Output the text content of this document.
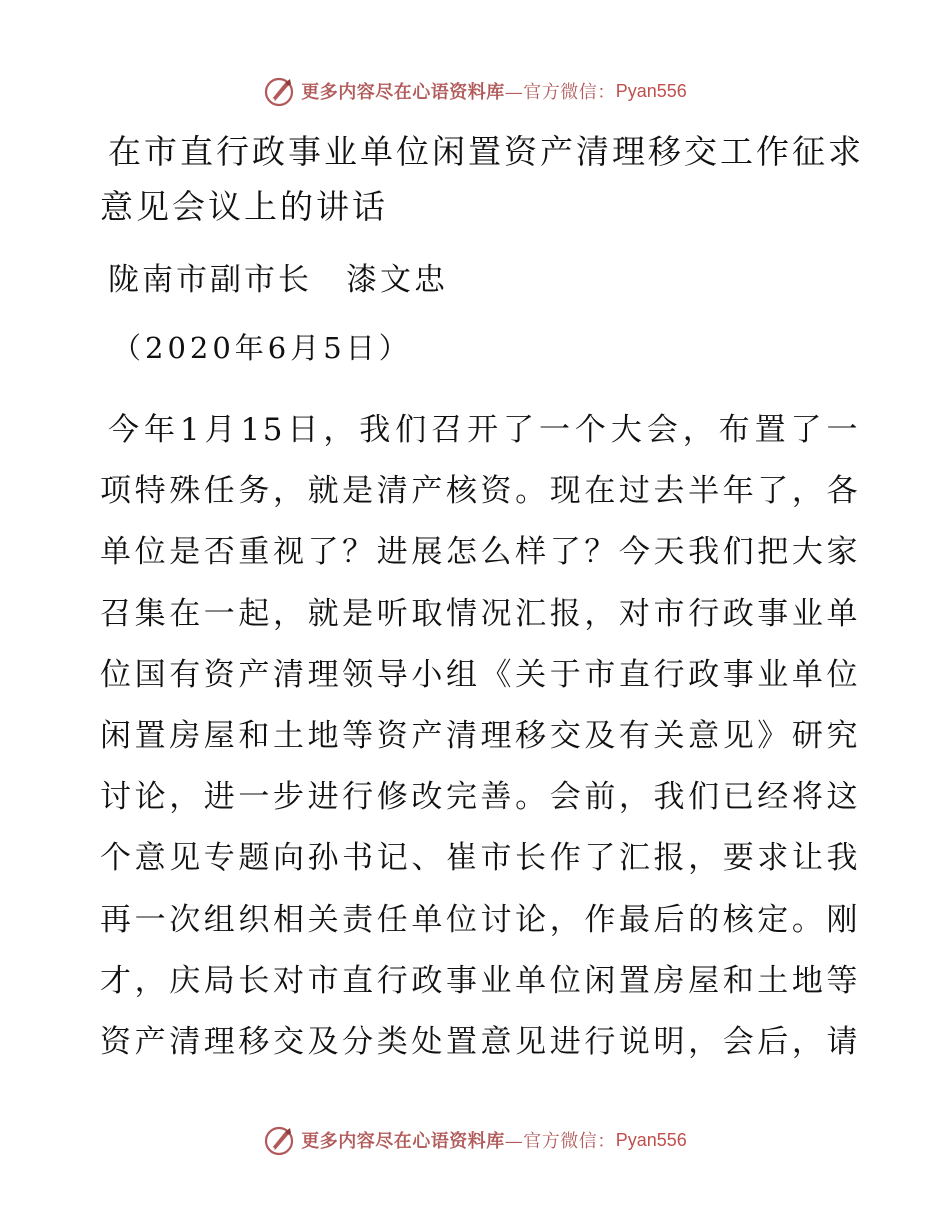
更多内容尽在心语资料库 —官方微信： Pyan556
在市直行政事业单位闲置资产清理移交工作征求
意见会议上的讲话
陇南市副市长　漆文忠
（2020年6月5日）
今年1月15日，我们召开了一个大会，布置了一
项特殊任务，就是清产核资。现在过去半年了，各
单位是否重视了？进展怎么样了？今天我们把大家
召集在一起，就是听取情况汇报，对市行政事业单
位国有资产清理领导小组《关于市直行政事业单位
闲置房屋和土地等资产清理移交及有关意见》研究
讨论，进一步进行修改完善。会前，我们已经将这
个意见专题向孙书记、崔市长作了汇报，要求让我
再一次组织相关责任单位讨论，作最后的核定。刚
才，庆局长对市直行政事业单位闲置房屋和土地等
资产清理移交及分类处置意见进行说明，会后，请
更多内容尽在心语资料库 —官方微信： Pyan556
